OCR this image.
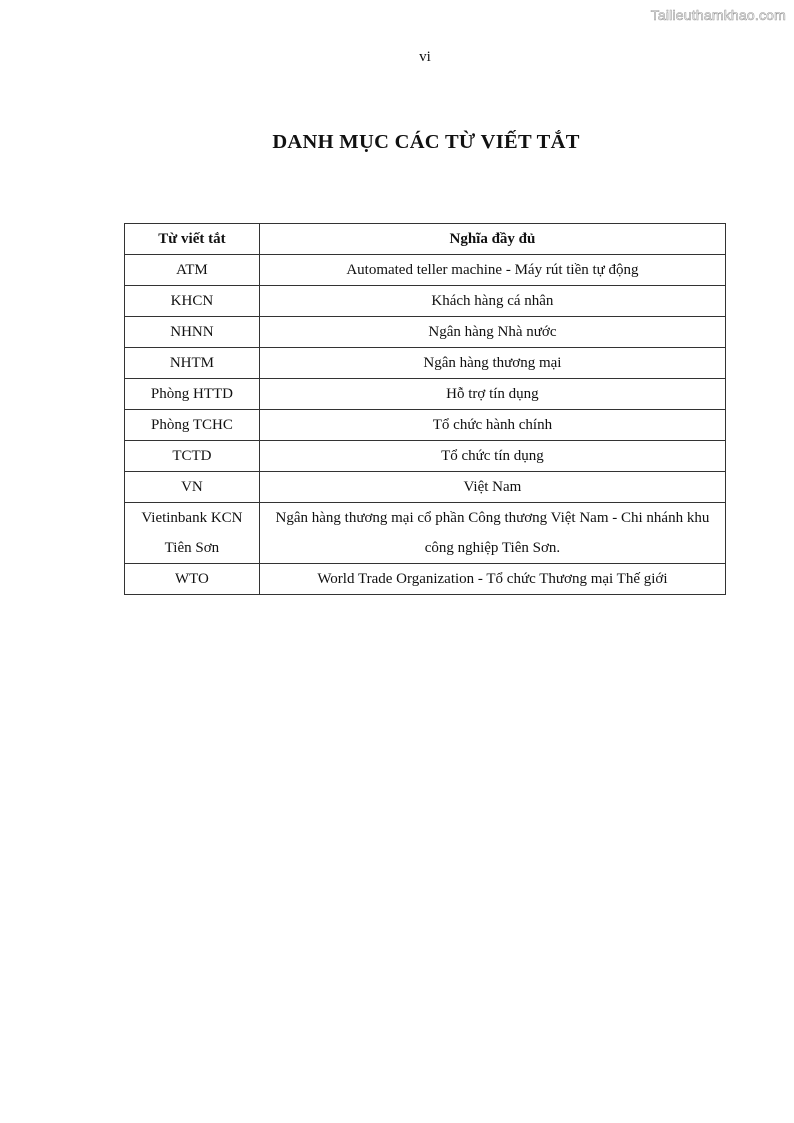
Tailieuthamkhao.com
vi
DANH MỤC CÁC TỪ VIẾT TẮT
Từ viết tắt	Nghĩa đầy đủ
ATM	Automated teller machine - Máy rút tiền tự động
KHCN	Khách hàng cá nhân
NHNN	Ngân hàng Nhà nước
NHTM	Ngân hàng thương mại
Phòng HTTD	Hỗ trợ tín dụng
Phòng TCHC	Tổ chức hành chính
TCTD	Tổ chức tín dụng
VN	Việt Nam
Vietinbank KCN Tiên Sơn	Ngân hàng thương mại cổ phần Công thương Việt Nam - Chi nhánh khu công nghiệp Tiên Sơn.
WTO	World Trade Organization - Tổ chức Thương mại Thế giới
